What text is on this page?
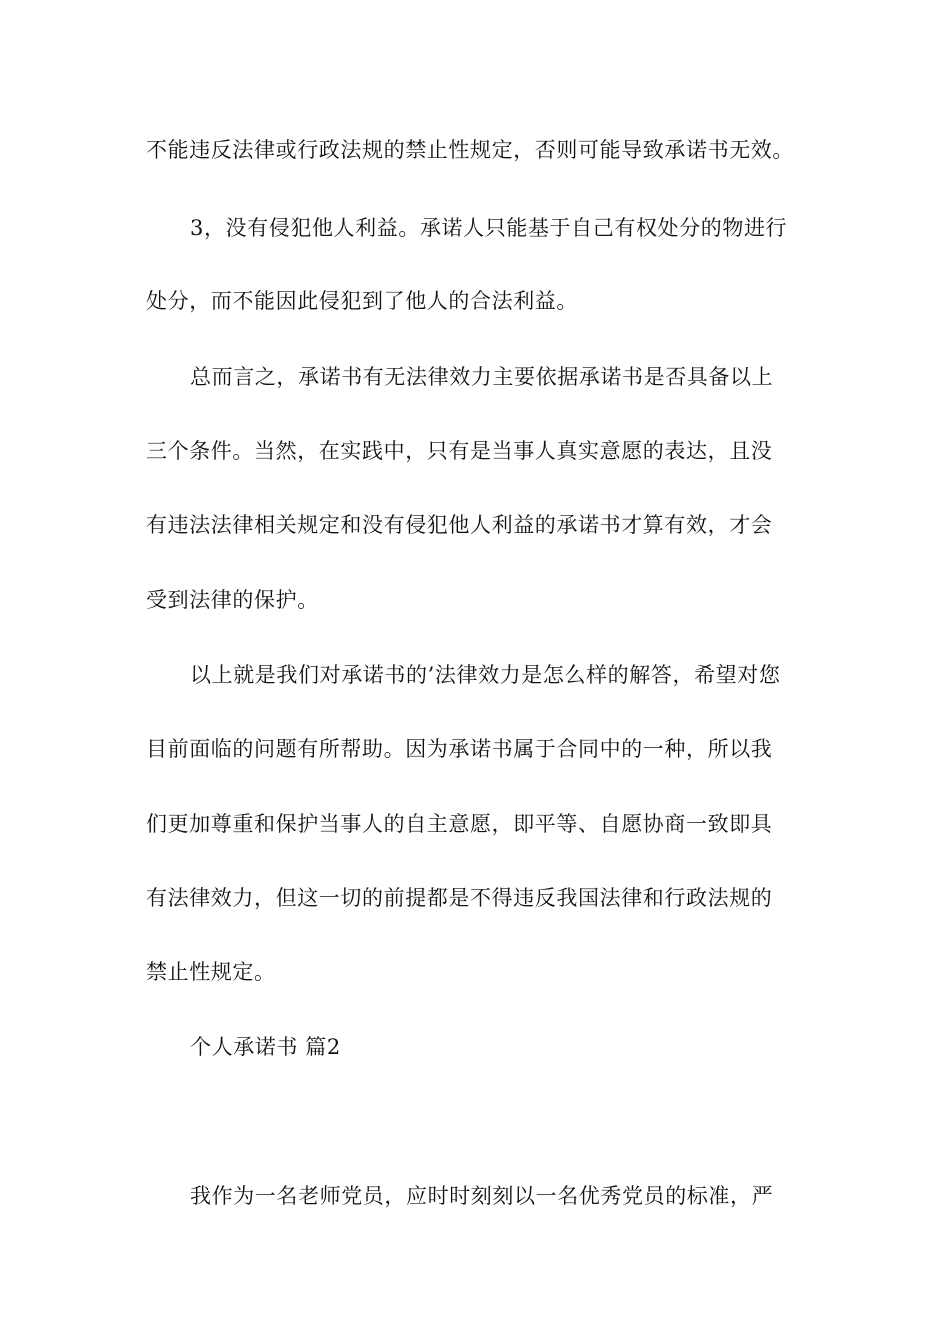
不能违反法律或行政法规的禁止性规定，否则可能导致承诺书无效。
3，没有侵犯他人利益。承诺人只能基于自己有权处分的物进行
处分，而不能因此侵犯到了他人的合法利益。
总而言之，承诺书有无法律效力主要依据承诺书是否具备以上
三个条件。当然，在实践中，只有是当事人真实意愿的表达，且没
有违法法律相关规定和没有侵犯他人利益的承诺书才算有效，才会
受到法律的保护。
以上就是我们对承诺书的’法律效力是怎么样的解答，希望对您
目前面临的问题有所帮助。因为承诺书属于合同中的一种，所以我
们更加尊重和保护当事人的自主意愿，即平等、自愿协商一致即具
有法律效力，但这一切的前提都是不得违反我国法律和行政法规的
禁止性规定。
个人承诺书 篇2
我作为一名老师党员，应时时刻刻以一名优秀党员的标准，严
